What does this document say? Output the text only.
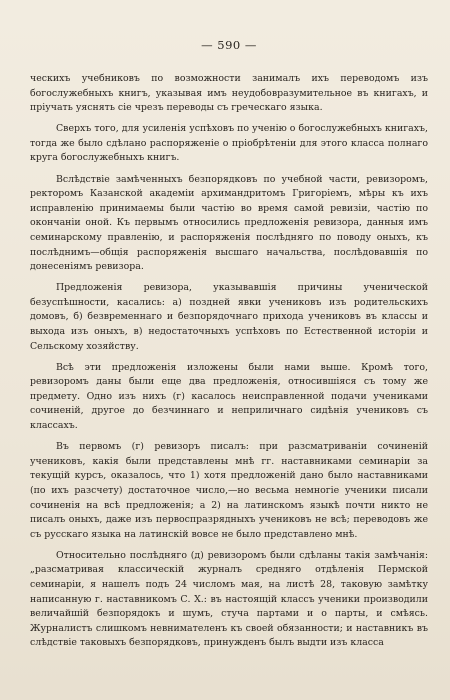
— 590 —

ческихъ учебниковъ по возможности занималъ ихъ переводомъ изъ богослужебныхъ книгъ, указывая имъ неудобовразумительное въ книгахъ, и пріучать уяснять сіе чрезъ переводы съ греческаго языка.

Сверхъ того, для усиленія успѣховъ по ученію о богослужебныхъ книгахъ, тогда же было сдѣлано распоряженіе о пріобрѣтеніи для этого класса полнаго круга богослужебныхъ книгъ.

Вслѣдствіе замѣченныхъ безпорядковъ по учебной части, ревизоромъ, ректоромъ Казанской академіи архимандритомъ Григоріемъ, мѣры къ ихъ исправленію принимаемы были частію во время самой ревизіи, частію по окончаніи оной. Къ первымъ относились предложенія ревизора, данныя имъ семинарскому правленію, и распоряженія послѣдняго по поводу оныхъ, къ послѣднимъ—общія распоряженія высшаго начальства, послѣдовавшія по донесеніямъ ревизора.

Предложенія ревизора, указывавшія причины ученической безуспѣшности, касались: а) поздней явки учениковъ изъ родительскихъ домовъ, б) безвременнаго и безпорядочнаго прихода учениковъ въ классы и выхода изъ оныхъ, в) недостаточныхъ успѣховъ по Естественной исторіи и Сельскому хозяйству.

Всѣ эти предложенія изложены были нами выше. Кромѣ того, ревизоромъ даны были еще два предложенія, относившіяся съ тому же предмету. Одно изъ нихъ (г) касалось неисправленной подачи учениками сочиненій, другое до безчиннаго и неприличнаго сидѣнія учениковъ съ классахъ.

Въ первомъ (г) ревизоръ писалъ: при разсматриваніи сочиненій учениковъ, какія были представлены мнѣ гг. наставниками семинаріи за текущій курсъ, оказалось, что 1) хотя предложеній дано было наставниками (по ихъ разсчету) достаточное число,—но весьма немногіе ученики писали сочиненія на всѣ предложенія; а 2) на латинскомъ языкѣ почти никто не писалъ оныхъ, даже изъ первоспразрядныхъ учениковъ не всѣ; переводовъ же съ русскаго языка на латинскій вовсе не было представлено мнѣ.

Относительно послѣдняго (д) ревизоромъ были сдѣланы такія замѣчанія: „разсматривая классическій журналъ средняго отдѣленія Пермской семинаріи, я нашелъ подъ 24 числомъ мая, на листѣ 28, таковую замѣтку написанную г. наставникомъ С. Х.: въ настоящій классъ ученики производили величайшій безпорядокъ и шумъ, стуча партами и о парты, и смѣясь. Журналистъ слишкомъ невнимателенъ къ своей обязанности; и наставникъ въ слѣдствіе таковыхъ безпорядковъ, принужденъ былъ выдти изъ класса
